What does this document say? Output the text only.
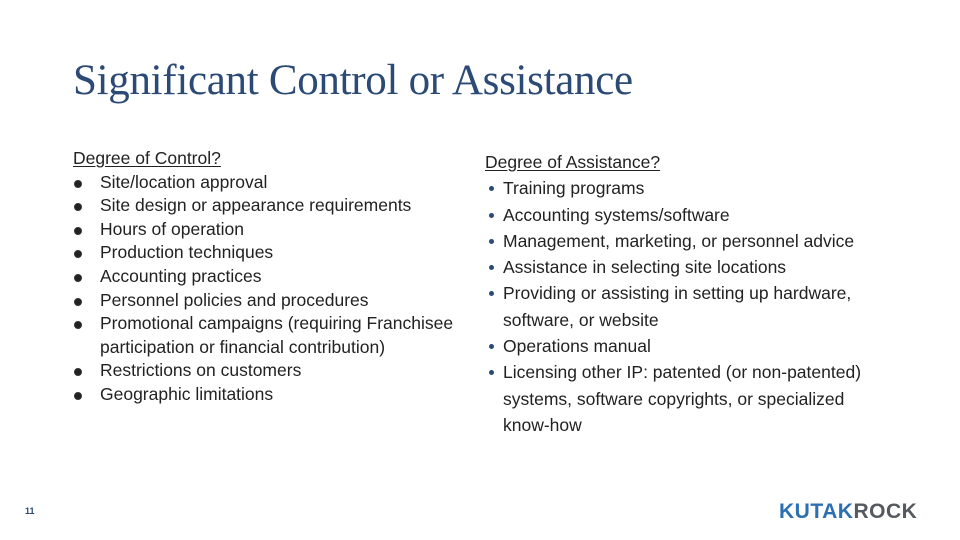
Significant Control or Assistance
Degree of Control?
Site/location approval
Site design or appearance requirements
Hours of operation
Production techniques
Accounting practices
Personnel policies and procedures
Promotional campaigns (requiring Franchisee participation or financial contribution)
Restrictions on customers
Geographic limitations
Degree of Assistance?
Training programs
Accounting systems/software
Management, marketing, or personnel advice
Assistance in selecting site locations
Providing or assisting in setting up hardware, software, or website
Operations manual
Licensing other IP: patented (or non-patented) systems, software copyrights, or specialized know-how
11	KUTAKROCK
